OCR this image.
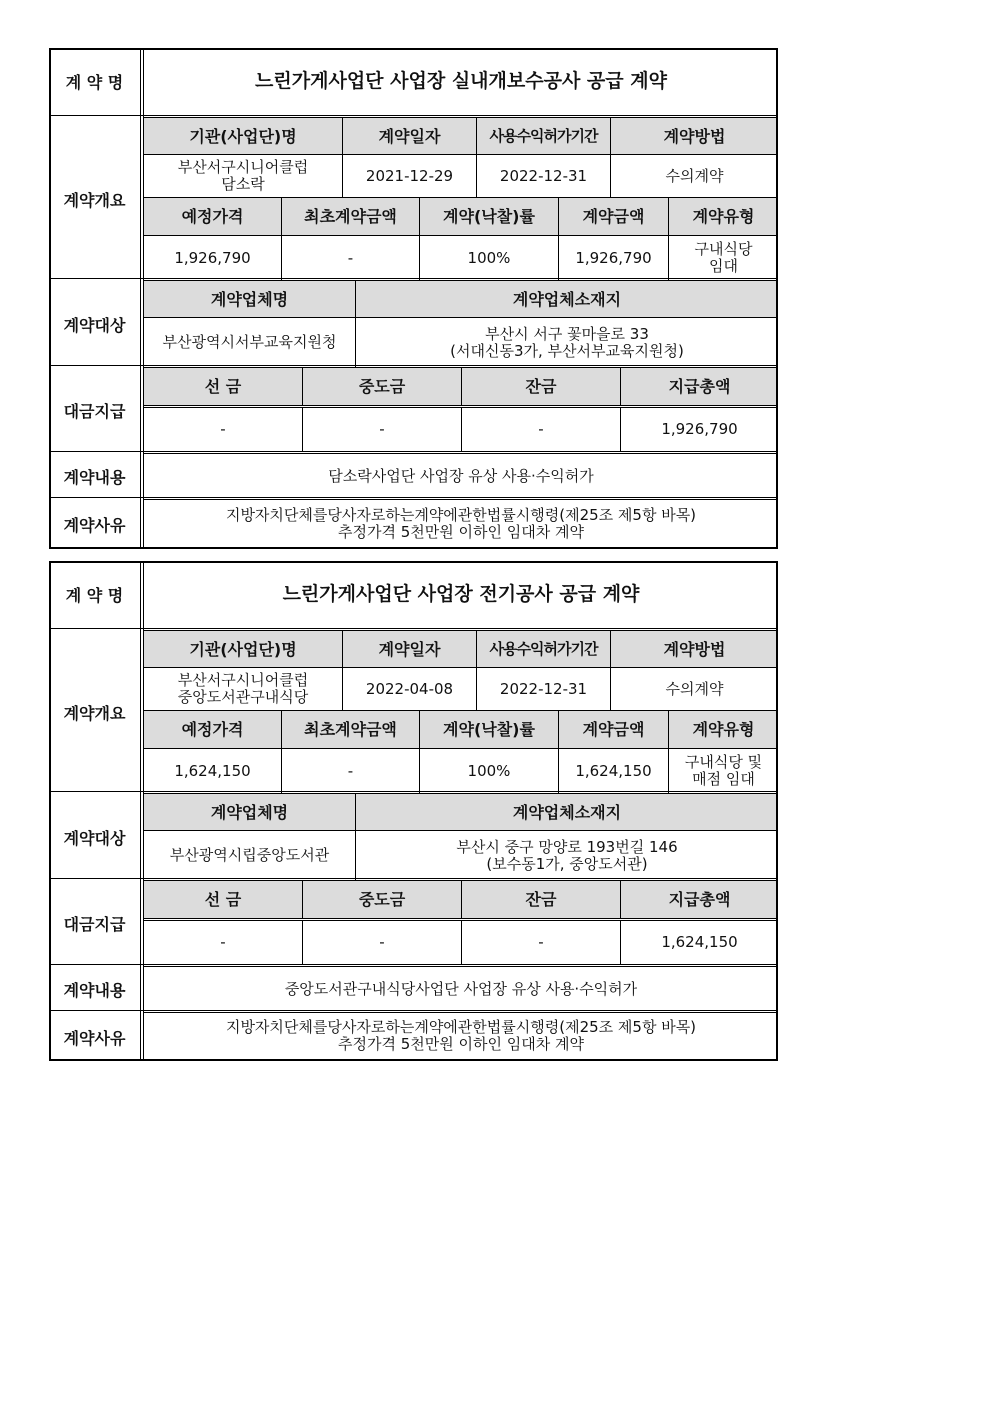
계 약 명	느린가게사업단 사업장 실내개보수공사 공급 계약
계약개요
기관(사업단)명	계약일자	사용수익허가기간	계약방법
부산서구시니어클럽
담소락	2021-12-29	2022-12-31	수의계약
예정가격	최초계약금액	계약(낙찰)률	계약금액	계약유형
1,926,790	-	100%	1,926,790	구내식당
임대
계약대상
계약업체명	계약업체소재지
부산광역시서부교육지원청	부산시 서구 꽃마을로 33
(서대신동3가, 부산서부교육지원청)
대금지급
선 금	중도금	잔금	지급총액
-	-	-	1,926,790
계약내용	담소락사업단 사업장 유상 사용·수익허가
계약사유
지방자치단체를당사자로하는계약에관한법률시행령(제25조 제5항 바목)
추정가격 5천만원 이하인 임대차 계약
계 약 명	느린가게사업단 사업장 전기공사 공급 계약
계약개요
기관(사업단)명	계약일자	사용수익허가기간	계약방법
부산서구시니어클럽
중앙도서관구내식당	2022-04-08	2022-12-31	수의계약
예정가격	최초계약금액	계약(낙찰)률	계약금액	계약유형
1,624,150	-	100%	1,624,150	구내식당 및
매점 임대
계약대상
계약업체명	계약업체소재지
부산광역시립중앙도서관	부산시 중구 망양로 193번길 146
(보수동1가, 중앙도서관)
대금지급
선 금	중도금	잔금	지급총액
-	-	-	1,624,150
계약내용	중앙도서관구내식당사업단 사업장 유상 사용·수익허가
계약사유
지방자치단체를당사자로하는계약에관한법률시행령(제25조 제5항 바목)
추정가격 5천만원 이하인 임대차 계약
